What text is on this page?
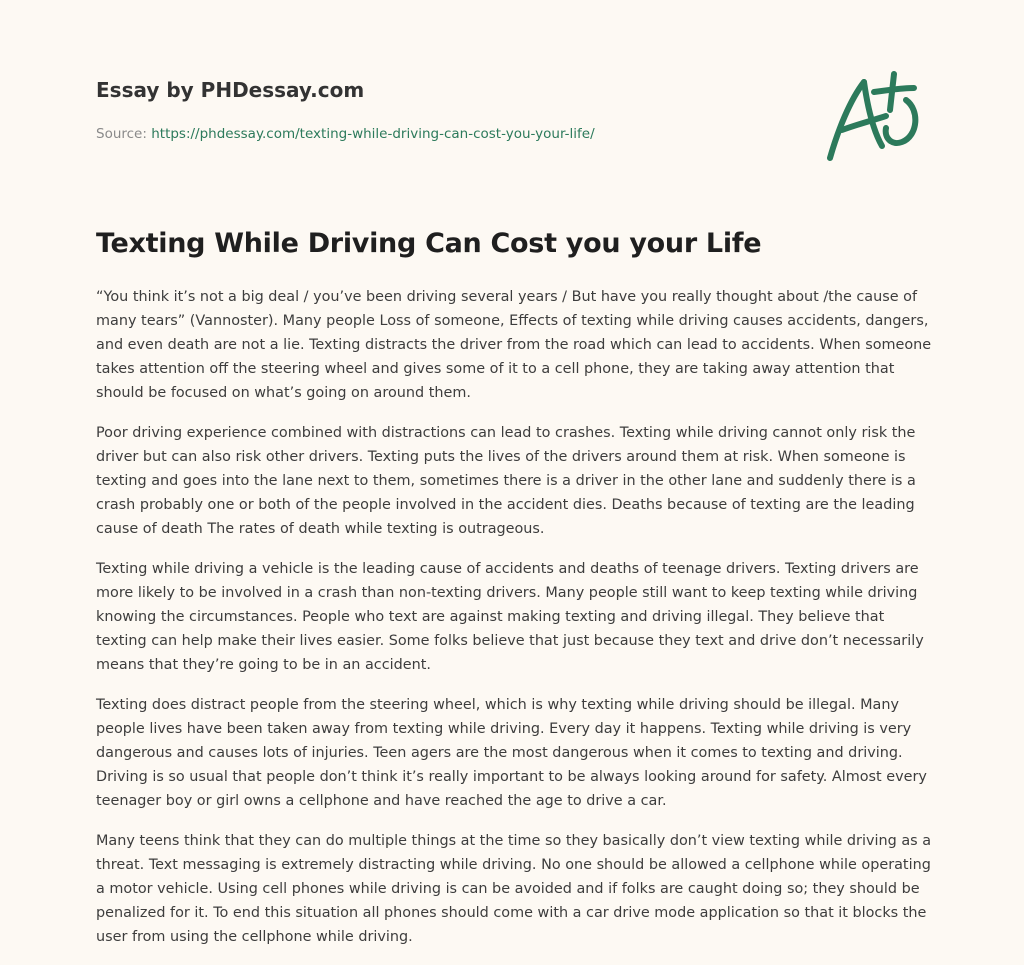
Essay by PHDessay.com
Source: https://phdessay.com/texting-while-driving-can-cost-you-your-life/
Texting While Driving Can Cost you your Life

“You think it’s not a big deal / you’ve been driving several years / But have you really thought about /the cause of many tears” (Vannoster). Many people Loss of someone, Effects of texting while driving causes accidents, dangers, and even death are not a lie. Texting distracts the driver from the road which can lead to accidents. When someone takes attention off the steering wheel and gives some of it to a cell phone, they are taking away attention that should be focused on what’s going on around them.

Poor driving experience combined with distractions can lead to crashes. Texting while driving cannot only risk the driver but can also risk other drivers. Texting puts the lives of the drivers around them at risk. When someone is texting and goes into the lane next to them, sometimes there is a driver in the other lane and suddenly there is a crash probably one or both of the people involved in the accident dies. Deaths because of texting are the leading cause of death The rates of death while texting is outrageous.

Texting while driving a vehicle is the leading cause of accidents and deaths of teenage drivers. Texting drivers are more likely to be involved in a crash than non-texting drivers. Many people still want to keep texting while driving knowing the circumstances. People who text are against making texting and driving illegal. They believe that texting can help make their lives easier. Some folks believe that just because they text and drive don’t necessarily means that they’re going to be in an accident.

Texting does distract people from the steering wheel, which is why texting while driving should be illegal. Many people lives have been taken away from texting while driving. Every day it happens. Texting while driving is very dangerous and causes lots of injuries. Teen agers are the most dangerous when it comes to texting and driving. Driving is so usual that people don’t think it’s really important to be always looking around for safety. Almost every teenager boy or girl owns a cellphone and have reached the age to drive a car.

Many teens think that they can do multiple things at the time so they basically don’t view texting while driving as a threat. Text messaging is extremely distracting while driving. No one should be allowed a cellphone while operating a motor vehicle. Using cell phones while driving is can be avoided and if folks are caught doing so; they should be penalized for it. To end this situation all phones should come with a car drive mode application so that it blocks the user from using the cellphone while driving.
